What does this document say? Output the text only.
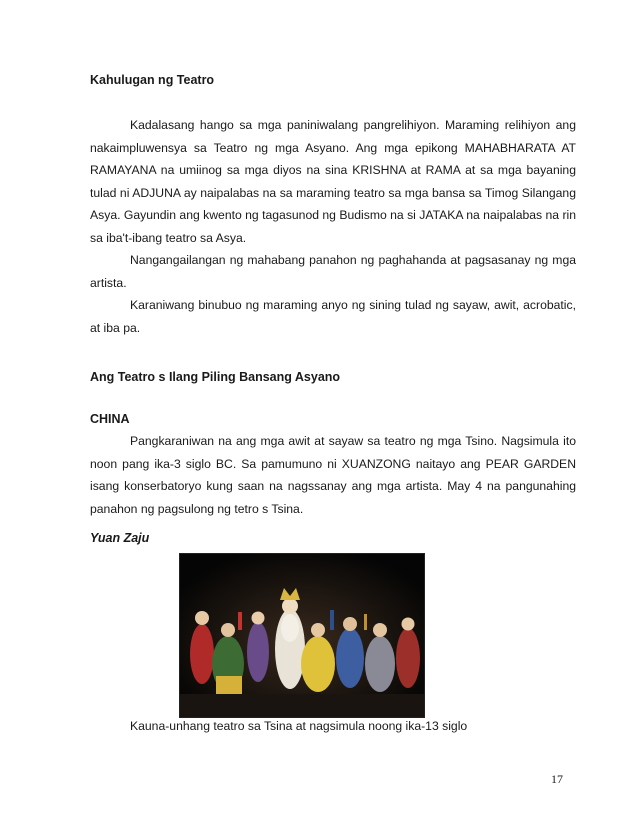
Kahulugan ng Teatro

Kadalasang hango sa mga paniniwalang pangrelihiyon. Maraming relihiyon ang nakaimpluwensya sa Teatro ng mga Asyano. Ang mga epikong MAHABHARATA AT RAMAYANA na umiinog sa mga diyos na sina KRISHNA at RAMA at sa mga bayaning tulad ni ADJUNA ay naipalabas na sa maraming teatro sa mga bansa sa Timog Silangang Asya. Gayundin ang kwento ng tagasunod ng Budismo na si JATAKA na naipalabas na rin sa iba't-ibang teatro sa Asya.

Nangangailangan ng mahabang panahon ng paghahanda at pagsasanay ng mga artista.

Karaniwang binubuo ng maraming anyo ng sining tulad ng sayaw, awit, acrobatic, at iba pa.

Ang Teatro s Ilang Piling Bansang Asyano
CHINA

Pangkaraniwan na ang mga awit at sayaw sa teatro ng mga Tsino. Nagsimula ito noon pang ika-3 siglo BC. Sa pamumuno ni XUANZONG naitayo ang PEAR GARDEN isang konserbatoryo kung saan na nagssanay ang mga artista. May 4 na pangunahing panahon ng pagsulong ng tetro s Tsina.

Yuan Zaju
Kauna-unhang teatro sa Tsina at nagsimula noong ika-13 siglo
17
